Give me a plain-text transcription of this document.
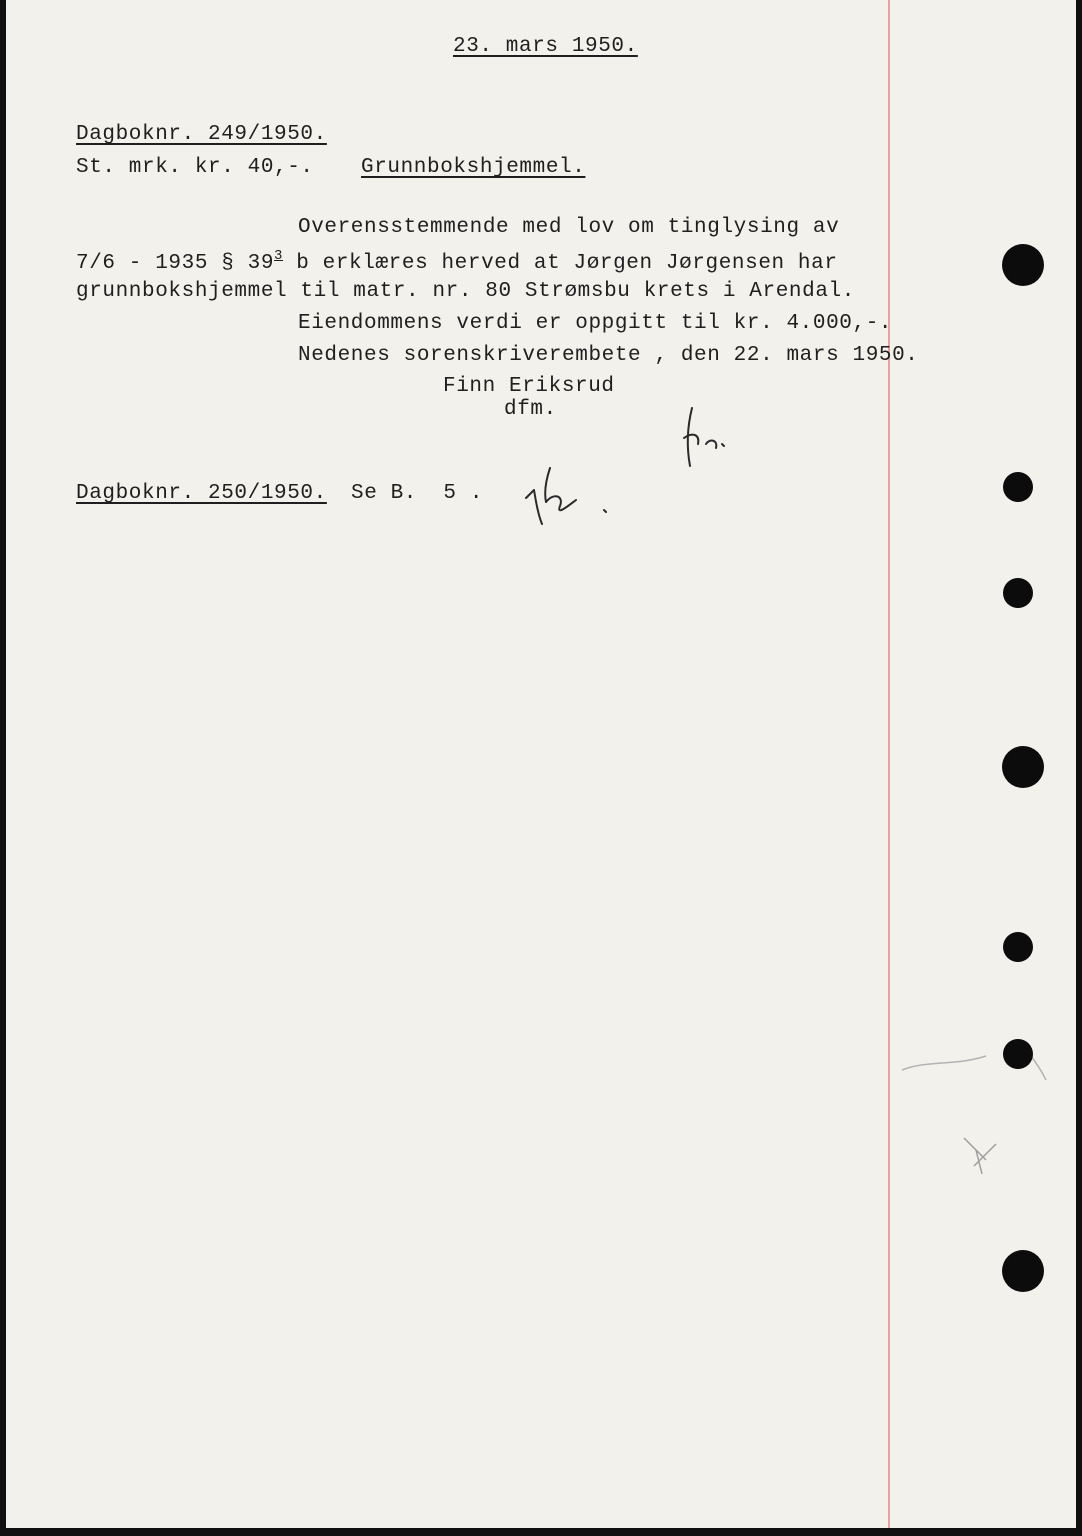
23. mars 1950.
Dagboknr. 249/1950.
St. mrk. kr. 40,-. Grunnbokshjemmel.
Overensstemmende med lov om tinglysing av
7/6 - 1935 § $39^3$ b erklæres herved at Jørgen Jørgensen har
grunnbokshjemmel til matr. nr. 80 Strømsbu krets i Arendal.
Eiendommens verdi er oppgitt til kr. 4.000,-.
Nedenes sorenskriverembete , den 22. mars 1950.
Finn Eriksrud
dfm.
Dagboknr. 250/1950. Se B.  5 .
